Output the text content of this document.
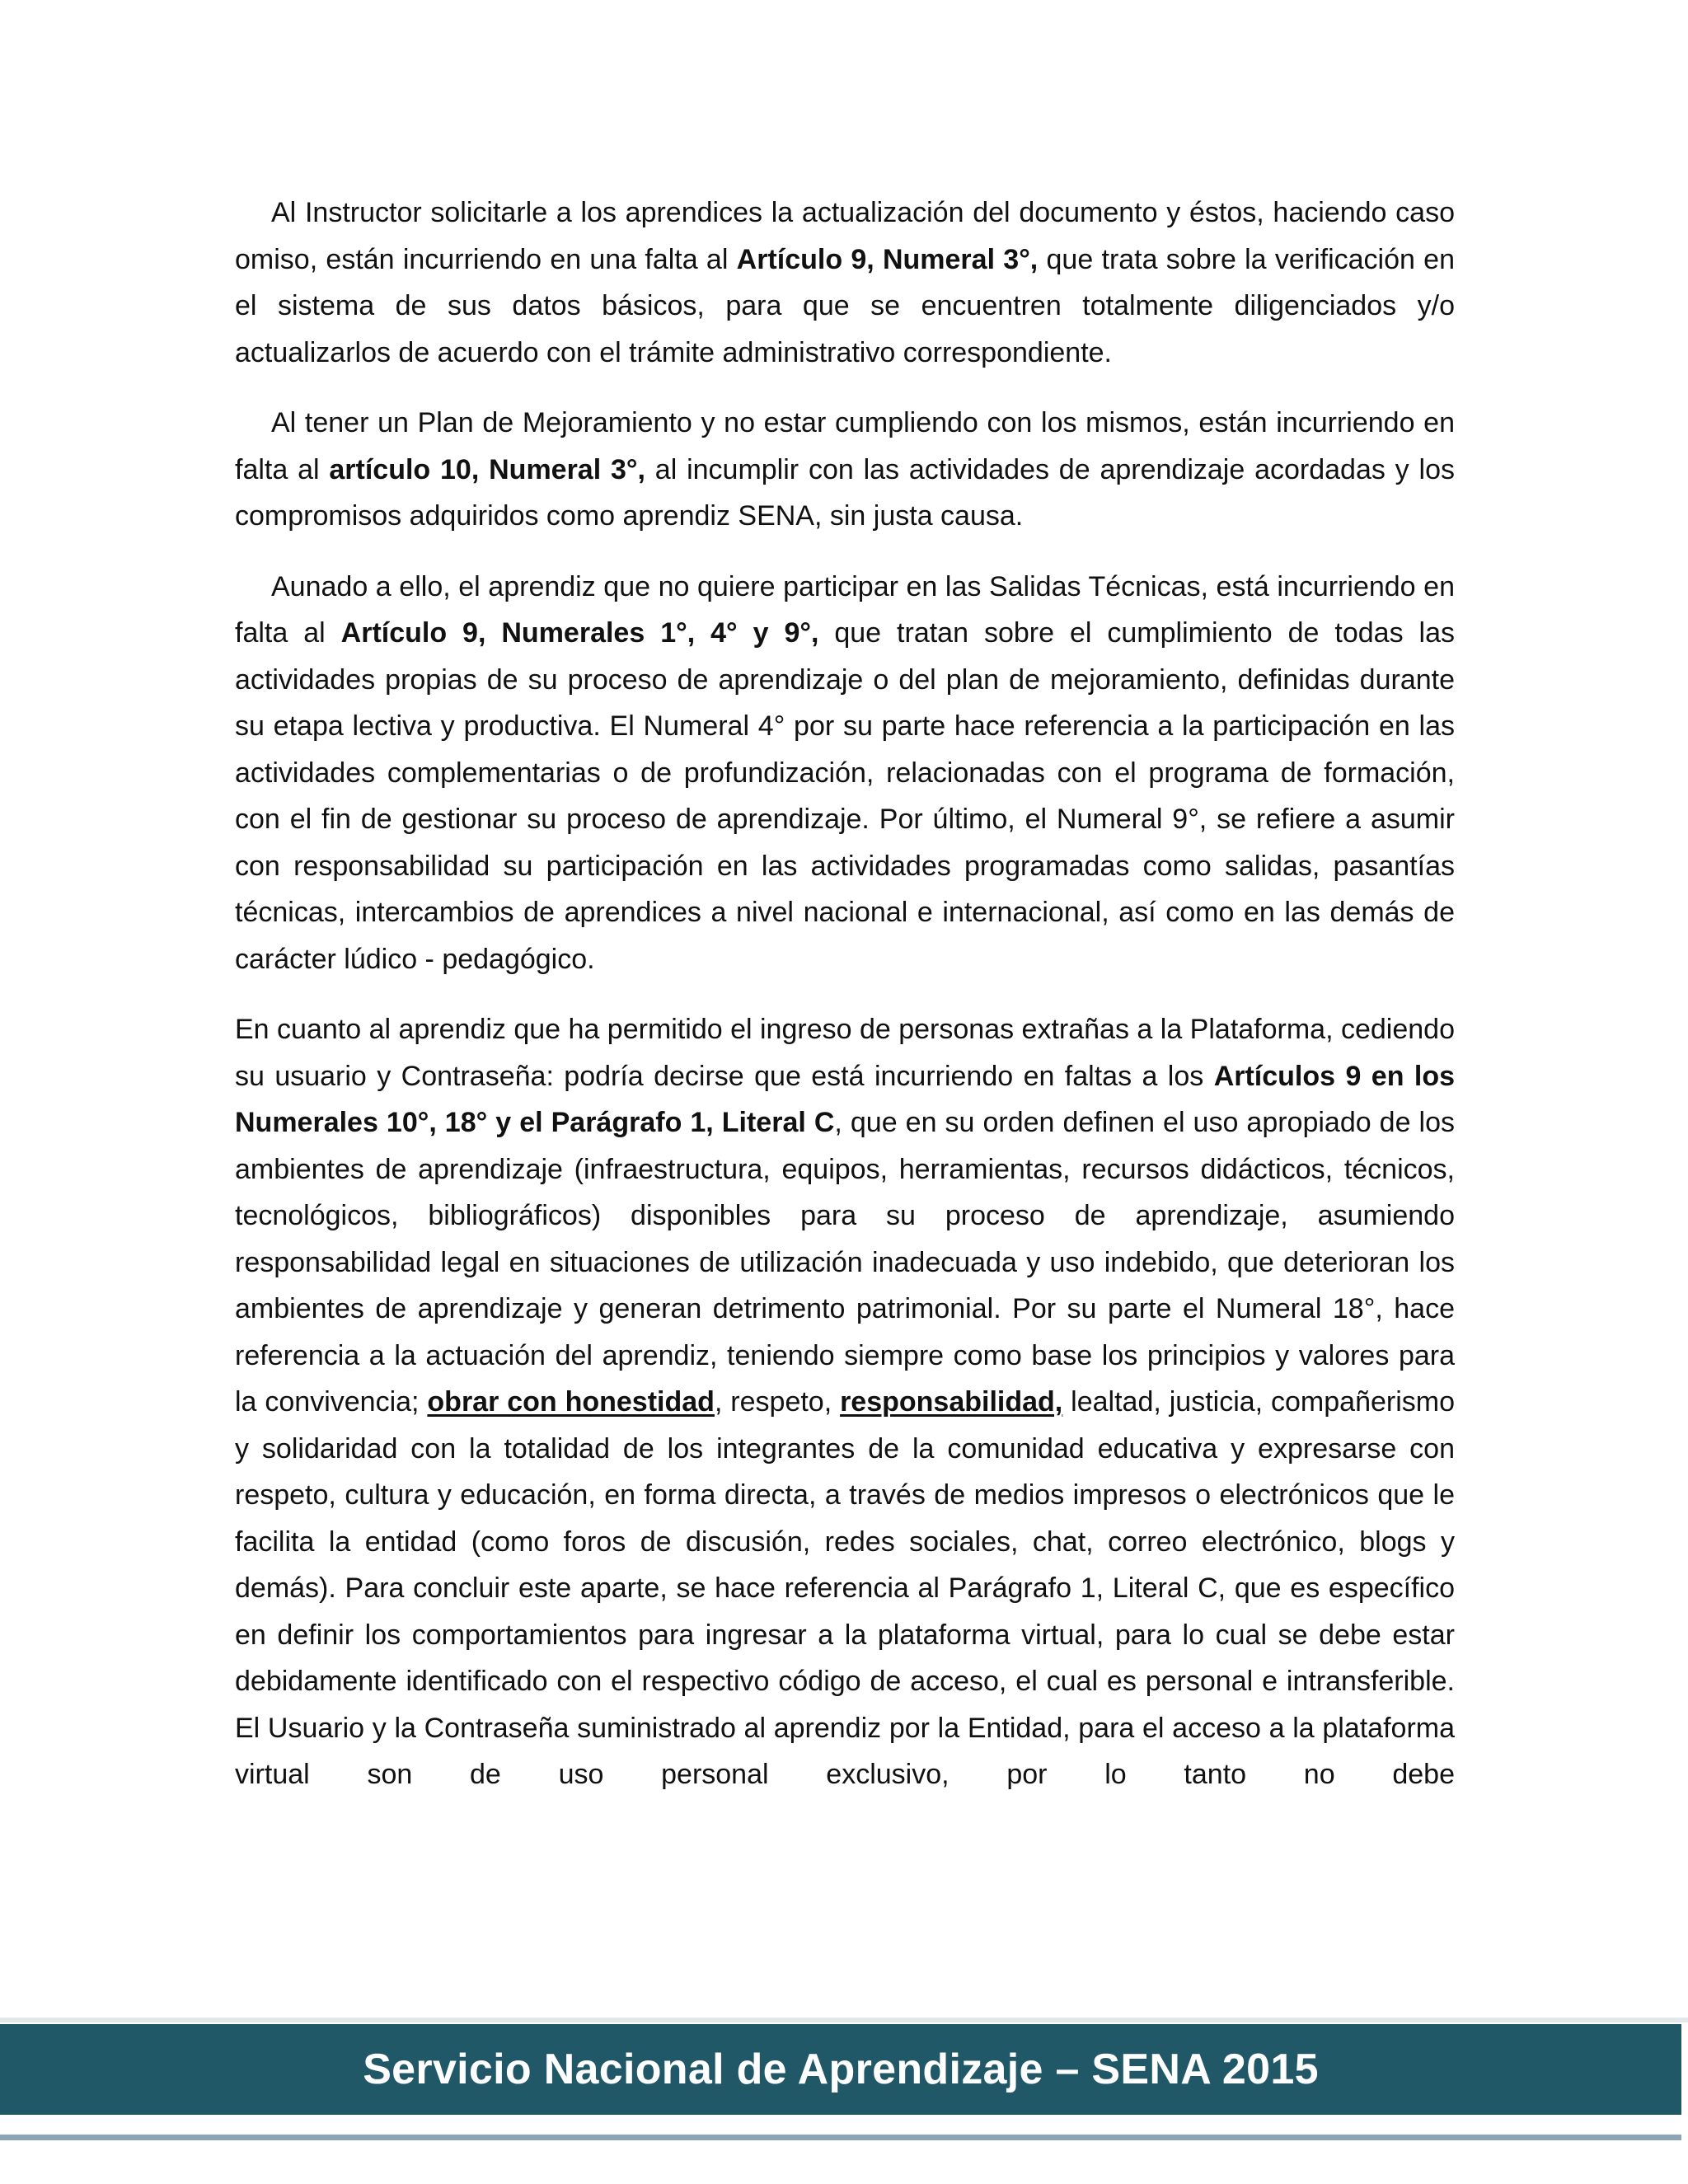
Al Instructor solicitarle a los aprendices la actualización del documento y éstos, haciendo caso omiso, están incurriendo en una falta al Artículo 9, Numeral 3°, que trata sobre la verificación en el sistema de sus datos básicos, para que se encuentren totalmente diligenciados y/o actualizarlos de acuerdo con el trámite administrativo correspondiente.

Al tener un Plan de Mejoramiento y no estar cumpliendo con los mismos, están incurriendo en falta al artículo 10, Numeral 3°, al incumplir con las actividades de aprendizaje acordadas y los compromisos adquiridos como aprendiz SENA, sin justa causa.

Aunado a ello, el aprendiz que no quiere participar en las Salidas Técnicas, está incurriendo en falta al Artículo 9, Numerales 1°, 4° y 9°, que tratan sobre el cumplimiento de todas las actividades propias de su proceso de aprendizaje o del plan de mejoramiento, definidas durante su etapa lectiva y productiva. El Numeral 4° por su parte hace referencia a la participación en las actividades complementarias o de profundización, relacionadas con el programa de formación, con el fin de gestionar su proceso de aprendizaje. Por último, el Numeral 9°, se refiere a asumir con responsabilidad su participación en las actividades programadas como salidas, pasantías técnicas, intercambios de aprendices a nivel nacional e internacional, así como en las demás de carácter lúdico - pedagógico.

En cuanto al aprendiz que ha permitido el ingreso de personas extrañas a la Plataforma, cediendo su usuario y Contraseña: podría decirse que está incurriendo en faltas a los Artículos 9 en los Numerales 10°, 18° y el Parágrafo 1, Literal C, que en su orden definen el uso apropiado de los ambientes de aprendizaje (infraestructura, equipos, herramientas, recursos didácticos, técnicos, tecnológicos, bibliográficos) disponibles para su proceso de aprendizaje, asumiendo responsabilidad legal en situaciones de utilización inadecuada y uso indebido, que deterioran los ambientes de aprendizaje y generan detrimento patrimonial. Por su parte el Numeral 18°, hace referencia a la actuación del aprendiz, teniendo siempre como base los principios y valores para la convivencia; obrar con honestidad, respeto, responsabilidad, lealtad, justicia, compañerismo y solidaridad con la totalidad de los integrantes de la comunidad educativa y expresarse con respeto, cultura y educación, en forma directa, a través de medios impresos o electrónicos que le facilita la entidad (como foros de discusión, redes sociales, chat, correo electrónico, blogs y demás). Para concluir este aparte, se hace referencia al Parágrafo 1, Literal C, que es específico en definir los comportamientos para ingresar a la plataforma virtual, para lo cual se debe estar debidamente identificado con el respectivo código de acceso, el cual es personal e intransferible. El Usuario y la Contraseña suministrado al aprendiz por la Entidad, para el acceso a la plataforma virtual son de uso personal exclusivo, por lo tanto no debe

Servicio Nacional de Aprendizaje – SENA 2015
